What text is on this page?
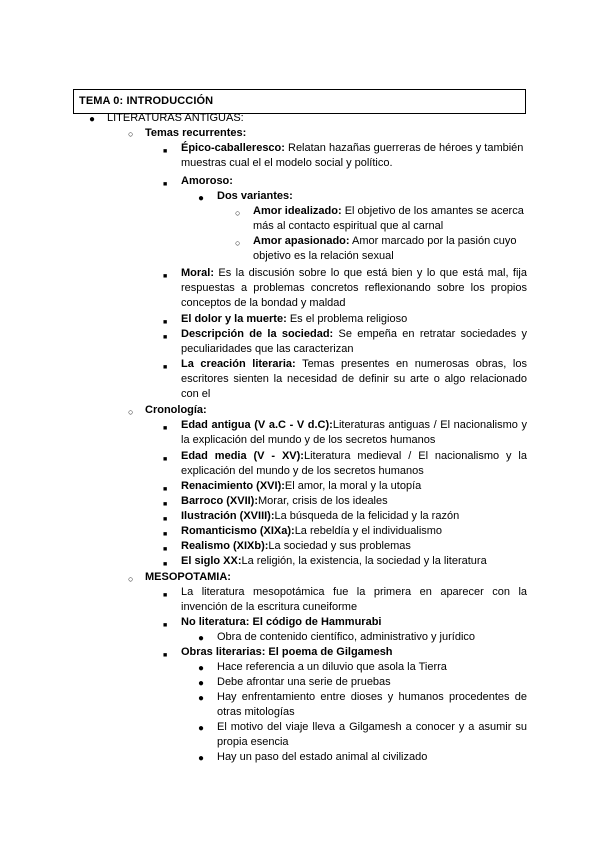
TEMA 0: INTRODUCCIÓN
● LITERATURAS ANTIGUAS:
○ Temas recurrentes:
■ Épico-caballeresco: Relatan hazañas guerreras de héroes y también
muestras cual el el modelo social y político.
■ Amoroso:
● Dos variantes:
○ Amor idealizado: El objetivo de los amantes se acerca
más al contacto espiritual que al carnal
○ Amor apasionado: Amor marcado por la pasión cuyo
objetivo es la relación sexual
■ Moral: Es la discusión sobre lo que está bien y lo que está mal, fija
respuestas a problemas concretos reflexionando sobre los propios
conceptos de la bondad y maldad
■ El dolor y la muerte: Es el problema religioso
■ Descripción de la sociedad: Se empeña en retratar sociedades y
peculiaridades que las caracterizan
■ La creación literaria: Temas presentes en numerosas obras, los
escritores sienten la necesidad de definir su arte o algo relacionado
con el
○ Cronología:
■ Edad antigua (V a.C - V d.C):Literaturas antiguas / El nacionalismo y
la explicación del mundo y de los secretos humanos
■ Edad media (V - XV):Literatura medieval / El nacionalismo y la
explicación del mundo y de los secretos humanos
■ Renacimiento (XVI):El amor, la moral y la utopía
■ Barroco (XVII):Morar, crisis de los ideales
■ Ilustración (XVIII):La búsqueda de la felicidad y la razón
■ Romanticismo (XIXa):La rebeldía y el individualismo
■ Realismo (XIXb):La sociedad y sus problemas
■ El siglo XX:La religión, la existencia, la sociedad y la literatura
○ MESOPOTAMIA:
■ La literatura mesopotámica fue la primera en aparecer con la
invención de la escritura cuneiforme
■ No literatura: El código de Hammurabi
● Obra de contenido científico, administrativo y jurídico
■ Obras literarias: El poema de Gilgamesh
● Hace referencia a un diluvio que asola la Tierra
● Debe afrontar una serie de pruebas
● Hay enfrentamiento entre dioses y humanos procedentes de
otras mitologías
● El motivo del viaje lleva a Gilgamesh a conocer y a asumir su
propia esencia
● Hay un paso del estado animal al civilizado
